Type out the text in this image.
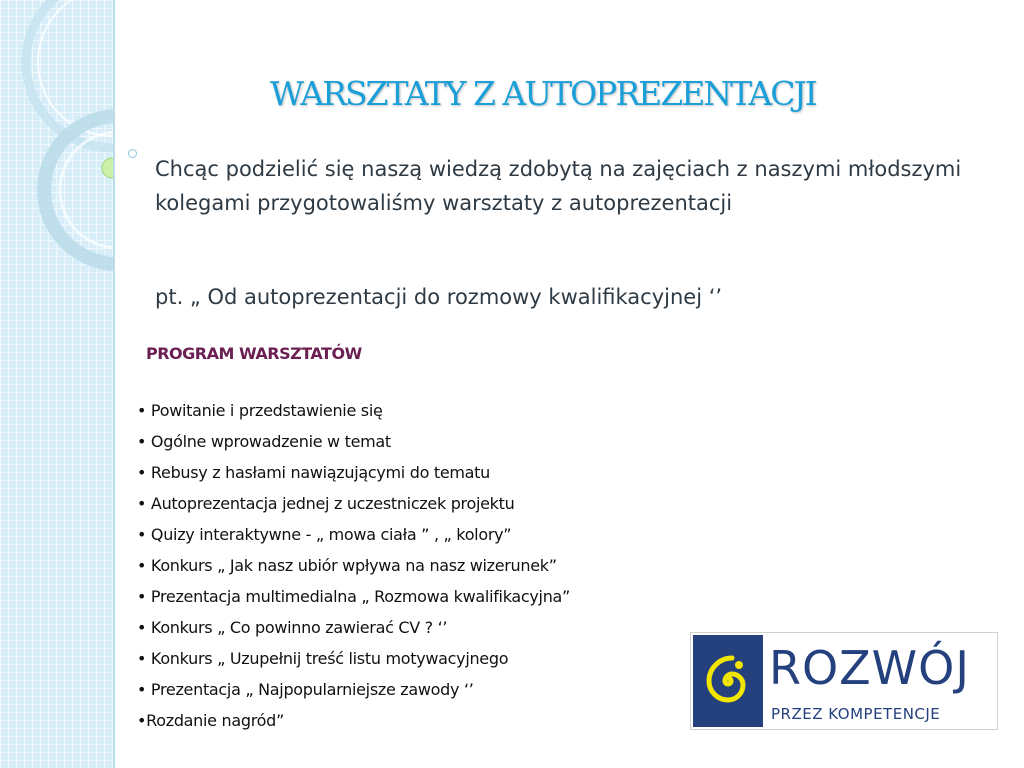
WARSZTATY Z AUTOPREZENTACJI

Chcąc podzielić się naszą wiedzą zdobytą na zajęciach z naszymi młodszymi kolegami przygotowaliśmy warsztaty z autoprezentacji

pt. „ Od autoprezentacji do rozmowy kwalifikacyjnej ‘’

PROGRAM WARSZTATÓW
• Powitanie i przedstawienie się
• Ogólne wprowadzenie w temat
• Rebusy z hasłami nawiązującymi do tematu
• Autoprezentacja jednej z uczestniczek projektu
• Quizy interaktywne - „ mowa ciała ” , „ kolory”
• Konkurs „ Jak nasz ubiór wpływa na nasz wizerunek”
• Prezentacja multimedialna „ Rozmowa kwalifikacyjna”
• Konkurs „ Co powinno zawierać CV ? ‘’
• Konkurs „ Uzupełnij treść listu motywacyjnego
• Prezentacja „ Najpopularniejsze zawody ‘’
•Rozdanie nagród”

ROZWÓJ

PRZEZ KOMPETENCJE
